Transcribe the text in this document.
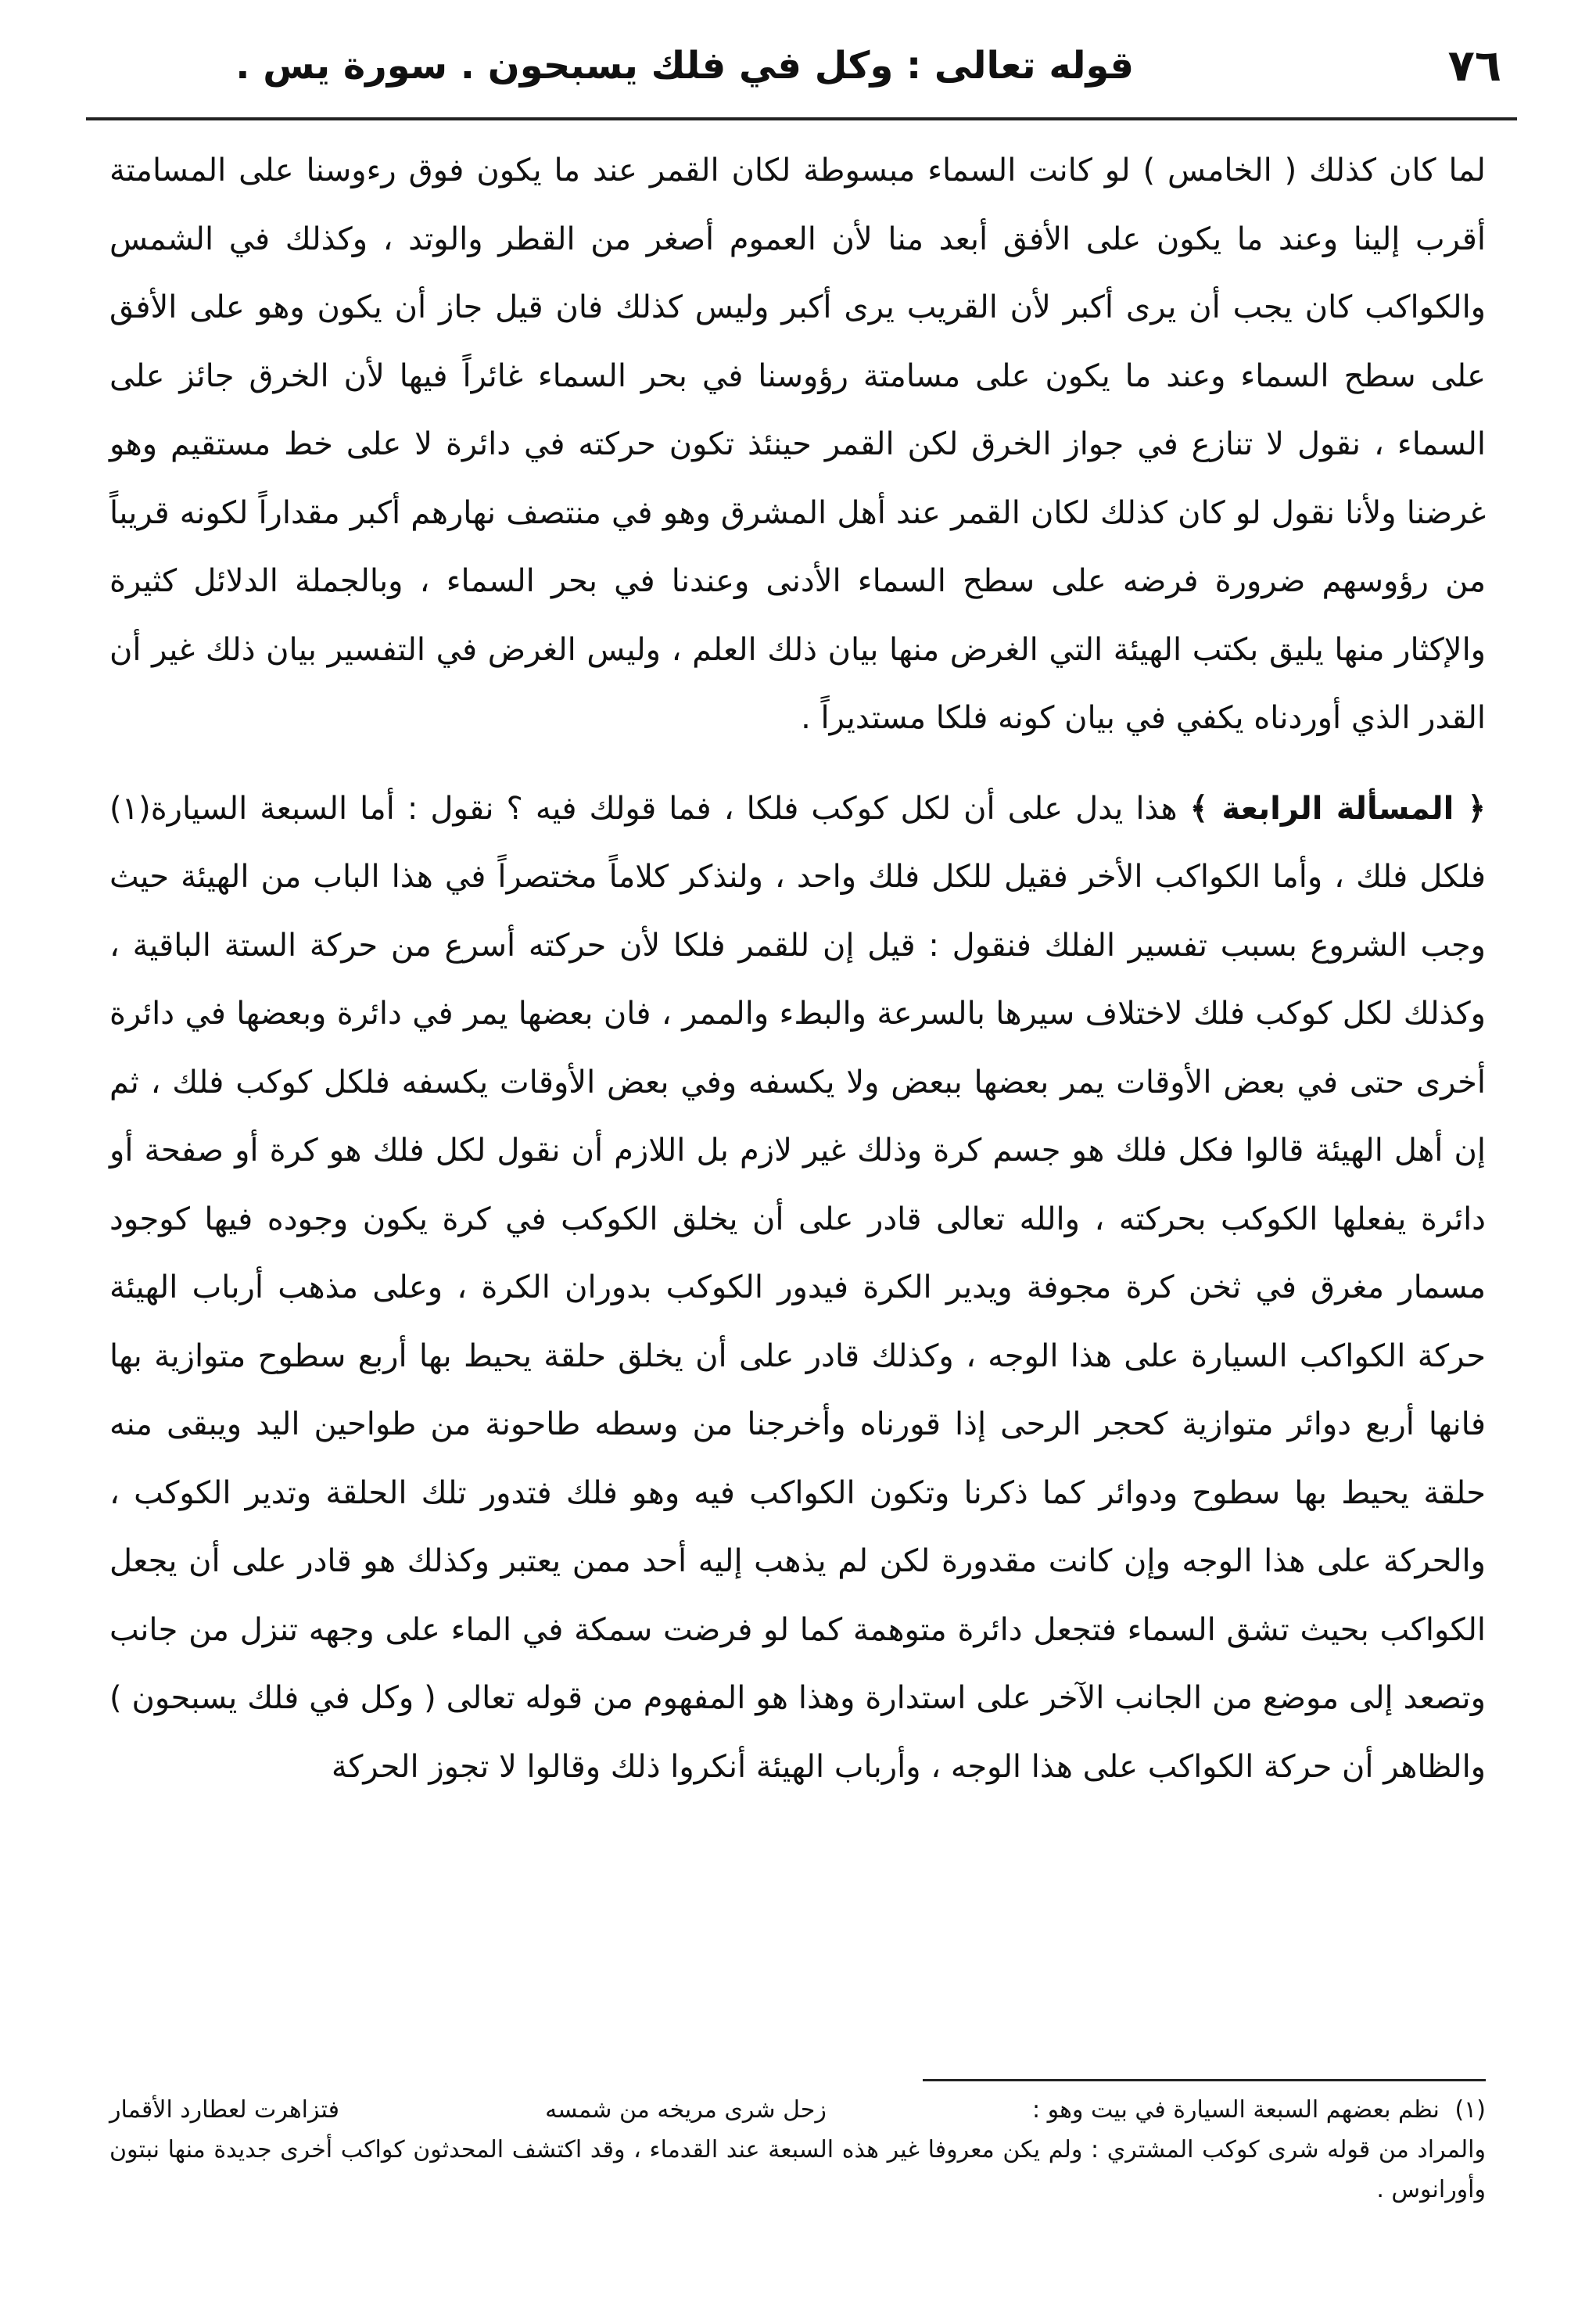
٧٦
قوله تعالى : وكل في فلك يسبحون . سورة يس .

لما كان كذلك ( الخامس ) لو كانت السماء مبسوطة لكان القمر عند ما يكون فوق رءوسنا على المسامتة أقرب إلينا وعند ما يكون على الأفق أبعد منا لأن العموم أصغر من القطر والوتد ، وكذلك في الشمس والكواكب كان يجب أن يرى أكبر لأن القريب يرى أكبر وليس كذلك فان قيل جاز أن يكون وهو على الأفق على سطح السماء وعند ما يكون على مسامتة رؤوسنا في بحر السماء غائراً فيها لأن الخرق جائز على السماء ، نقول لا تنازع في جواز الخرق لكن القمر حينئذ تكون حركته في دائرة لا على خط مستقيم وهو غرضنا ولأنا نقول لو كان كذلك لكان القمر عند أهل المشرق وهو في منتصف نهارهم أكبر مقداراً لكونه قريباً من رؤوسهم ضرورة فرضه على سطح السماء الأدنى وعندنا في بحر السماء ، وبالجملة الدلائل كثيرة والإكثار منها يليق بكتب الهيئة التي الغرض منها بيان ذلك العلم ، وليس الغرض في التفسير بيان ذلك غير أن القدر الذي أوردناه يكفي في بيان كونه فلكا مستديراً .

﴿ المسألة الرابعة ﴾ هذا يدل على أن لكل كوكب فلكا ، فما قولك فيه ؟ نقول : أما السبعة السيارة(١) فلكل فلك ، وأما الكواكب الأخر فقيل للكل فلك واحد ، ولنذكر كلاماً مختصراً في هذا الباب من الهيئة حيث وجب الشروع بسبب تفسير الفلك فنقول : قيل إن للقمر فلكا لأن حركته أسرع من حركة الستة الباقية ، وكذلك لكل كوكب فلك لاختلاف سيرها بالسرعة والبطء والممر ، فان بعضها يمر في دائرة وبعضها في دائرة أخرى حتى في بعض الأوقات يمر بعضها ببعض ولا يكسفه وفي بعض الأوقات يكسفه فلكل كوكب فلك ، ثم إن أهل الهيئة قالوا فكل فلك هو جسم كرة وذلك غير لازم بل اللازم أن نقول لكل فلك هو كرة أو صفحة أو دائرة يفعلها الكوكب بحركته ، والله تعالى قادر على أن يخلق الكوكب في كرة يكون وجوده فيها كوجود مسمار مغرق في ثخن كرة مجوفة ويدير الكرة فيدور الكوكب بدوران الكرة ، وعلى مذهب أرباب الهيئة حركة الكواكب السيارة على هذا الوجه ، وكذلك قادر على أن يخلق حلقة يحيط بها أربع سطوح متوازية بها فانها أربع دوائر متوازية كحجر الرحى إذا قورناه وأخرجنا من وسطه طاحونة من طواحين اليد ويبقى منه حلقة يحيط بها سطوح ودوائر كما ذكرنا وتكون الكواكب فيه وهو فلك فتدور تلك الحلقة وتدير الكوكب ، والحركة على هذا الوجه وإن كانت مقدورة لكن لم يذهب إليه أحد ممن يعتبر وكذلك هو قادر على أن يجعل الكواكب بحيث تشق السماء فتجعل دائرة متوهمة كما لو فرضت سمكة في الماء على وجهه تنزل من جانب وتصعد إلى موضع من الجانب الآخر على استدارة وهذا هو المفهوم من قوله تعالى ( وكل في فلك يسبحون ) والظاهر أن حركة الكواكب على هذا الوجه ، وأرباب الهيئة أنكروا ذلك وقالوا لا تجوز الحركة

(١) نظم بعضهم السبعة السيارة في بيت وهو :
زحل شرى مريخه من شمسه
فتزاهرت لعطارد الأقمار
والمراد من قوله شرى كوكب المشتري : ولم يكن معروفا غير هذه السبعة عند القدماء ، وقد اكتشف المحدثون كواكب أخرى جديدة منها نبتون وأورانوس .
